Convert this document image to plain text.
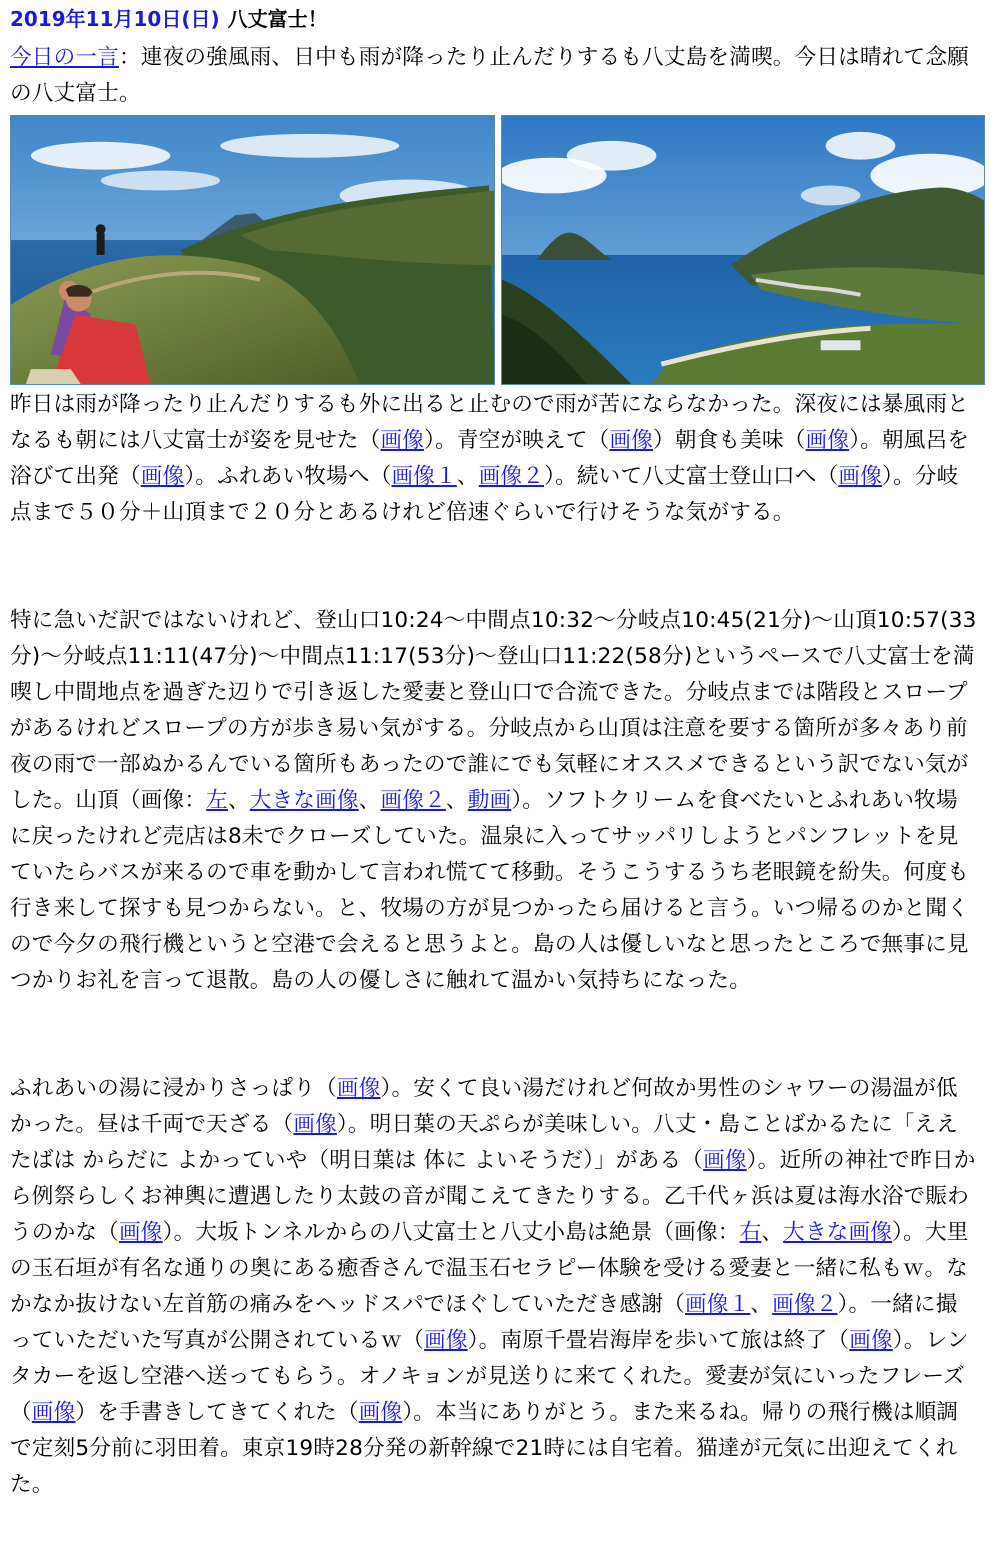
2019年11月10日(日) 八丈富士！
今日の一言：連夜の強風雨、日中も雨が降ったり止んだりするも八丈島を満喫。今日は晴れて念願の八丈富士。
昨日は雨が降ったり止んだりするも外に出ると止むので雨が苦にならなかった。深夜には暴風雨となるも朝には八丈富士が姿を見せた（画像）。青空が映えて（画像）朝食も美味（画像）。朝風呂を浴びて出発（画像）。ふれあい牧場へ（画像１、画像２）。続いて八丈富士登山口へ（画像）。分岐点まで５０分＋山頂まで２０分とあるけれど倍速ぐらいで行けそうな気がする。
特に急いだ訳ではないけれど、登山口10:24〜中間点10:32〜分岐点10:45(21分)〜山頂10:57(33分)〜分岐点11:11(47分)〜中間点11:17(53分)〜登山口11:22(58分)というペースで八丈富士を満喫し中間地点を過ぎた辺りで引き返した愛妻と登山口で合流できた。分岐点までは階段とスロープがあるけれどスロープの方が歩き易い気がする。分岐点から山頂は注意を要する箇所が多々あり前夜の雨で一部ぬかるんでいる箇所もあったので誰にでも気軽にオススメできるという訳でない気がした。山頂（画像：左、大きな画像、画像２、動画）。ソフトクリームを食べたいとふれあい牧場に戻ったけれど売店は8未でクローズしていた。温泉に入ってサッパリしようとパンフレットを見ていたらバスが来るので車を動かして言われ慌てて移動。そうこうするうち老眼鏡を紛失。何度も行き来して探すも見つからない。と、牧場の方が見つかったら届けると言う。いつ帰るのかと聞くので今夕の飛行機というと空港で会えると思うよと。島の人は優しいなと思ったところで無事に見つかりお礼を言って退散。島の人の優しさに触れて温かい気持ちになった。
ふれあいの湯に浸かりさっぱり（画像）。安くて良い湯だけれど何故か男性のシャワーの湯温が低かった。昼は千両で天ざる（画像）。明日葉の天ぷらが美味しい。八丈・島ことばかるたに「ええたばは からだに よかっていや（明日葉は 体に よいそうだ）」がある（画像）。近所の神社で昨日から例祭らしくお神輿に遭遇したり太鼓の音が聞こえてきたりする。乙千代ヶ浜は夏は海水浴で賑わうのかな（画像）。大坂トンネルからの八丈富士と八丈小島は絶景（画像：右、大きな画像）。大里の玉石垣が有名な通りの奥にある癒香さんで温玉石セラピー体験を受ける愛妻と一緒に私もｗ。なかなか抜けない左首筋の痛みをヘッドスパでほぐしていただき感謝（画像１、画像２）。一緒に撮っていただいた写真が公開されているｗ（画像）。南原千畳岩海岸を歩いて旅は終了（画像）。レンタカーを返し空港へ送ってもらう。オノキョンが見送りに来てくれた。愛妻が気にいったフレーズ（画像）を手書きしてきてくれた（画像）。本当にありがとう。また来るね。帰りの飛行機は順調で定刻5分前に羽田着。東京19時28分発の新幹線で21時には自宅着。猫達が元気に出迎えてくれた。
